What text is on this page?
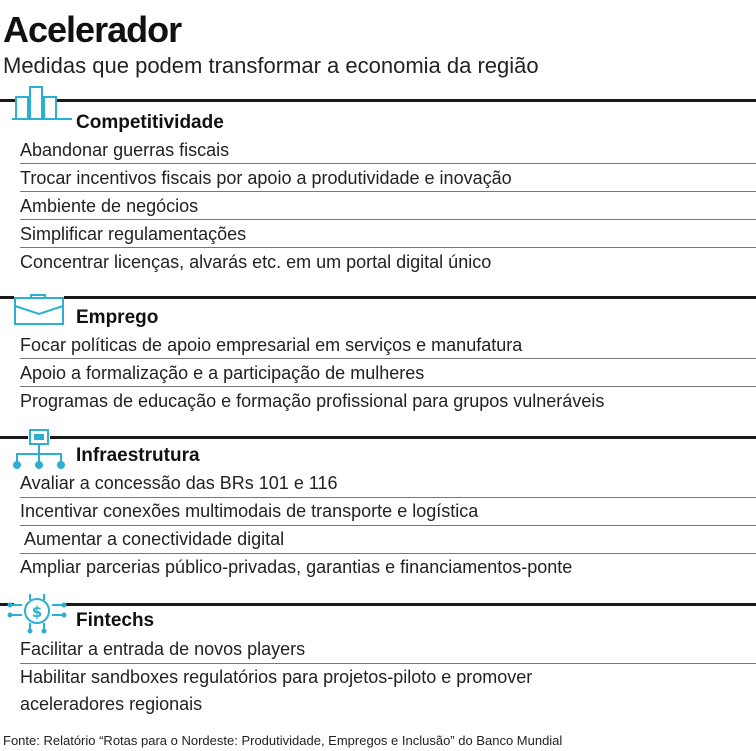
Acelerador
Medidas que podem transformar a economia da região
Competitividade
Abandonar guerras fiscais
Trocar incentivos fiscais por apoio a produtividade e inovação
Ambiente de negócios
Simplificar regulamentações
Concentrar licenças, alvarás etc. em um portal digital único
Emprego
Focar políticas de apoio empresarial em serviços e manufatura
Apoio a formalização e a participação de mulheres
Programas de educação e formação profissional para grupos vulneráveis
Infraestrutura
Avaliar a concessão das BRs 101 e 116
Incentivar conexões multimodais de transporte e logística
Aumentar a conectividade digital
Ampliar parcerias público-privadas, garantias e financiamentos-ponte
$ Fintechs
Facilitar a entrada de novos players
Habilitar sandboxes regulatórios para projetos-piloto e promover
aceleradores regionais
Fonte: Relatório “Rotas para o Nordeste: Produtividade, Empregos e Inclusão” do Banco Mundial
